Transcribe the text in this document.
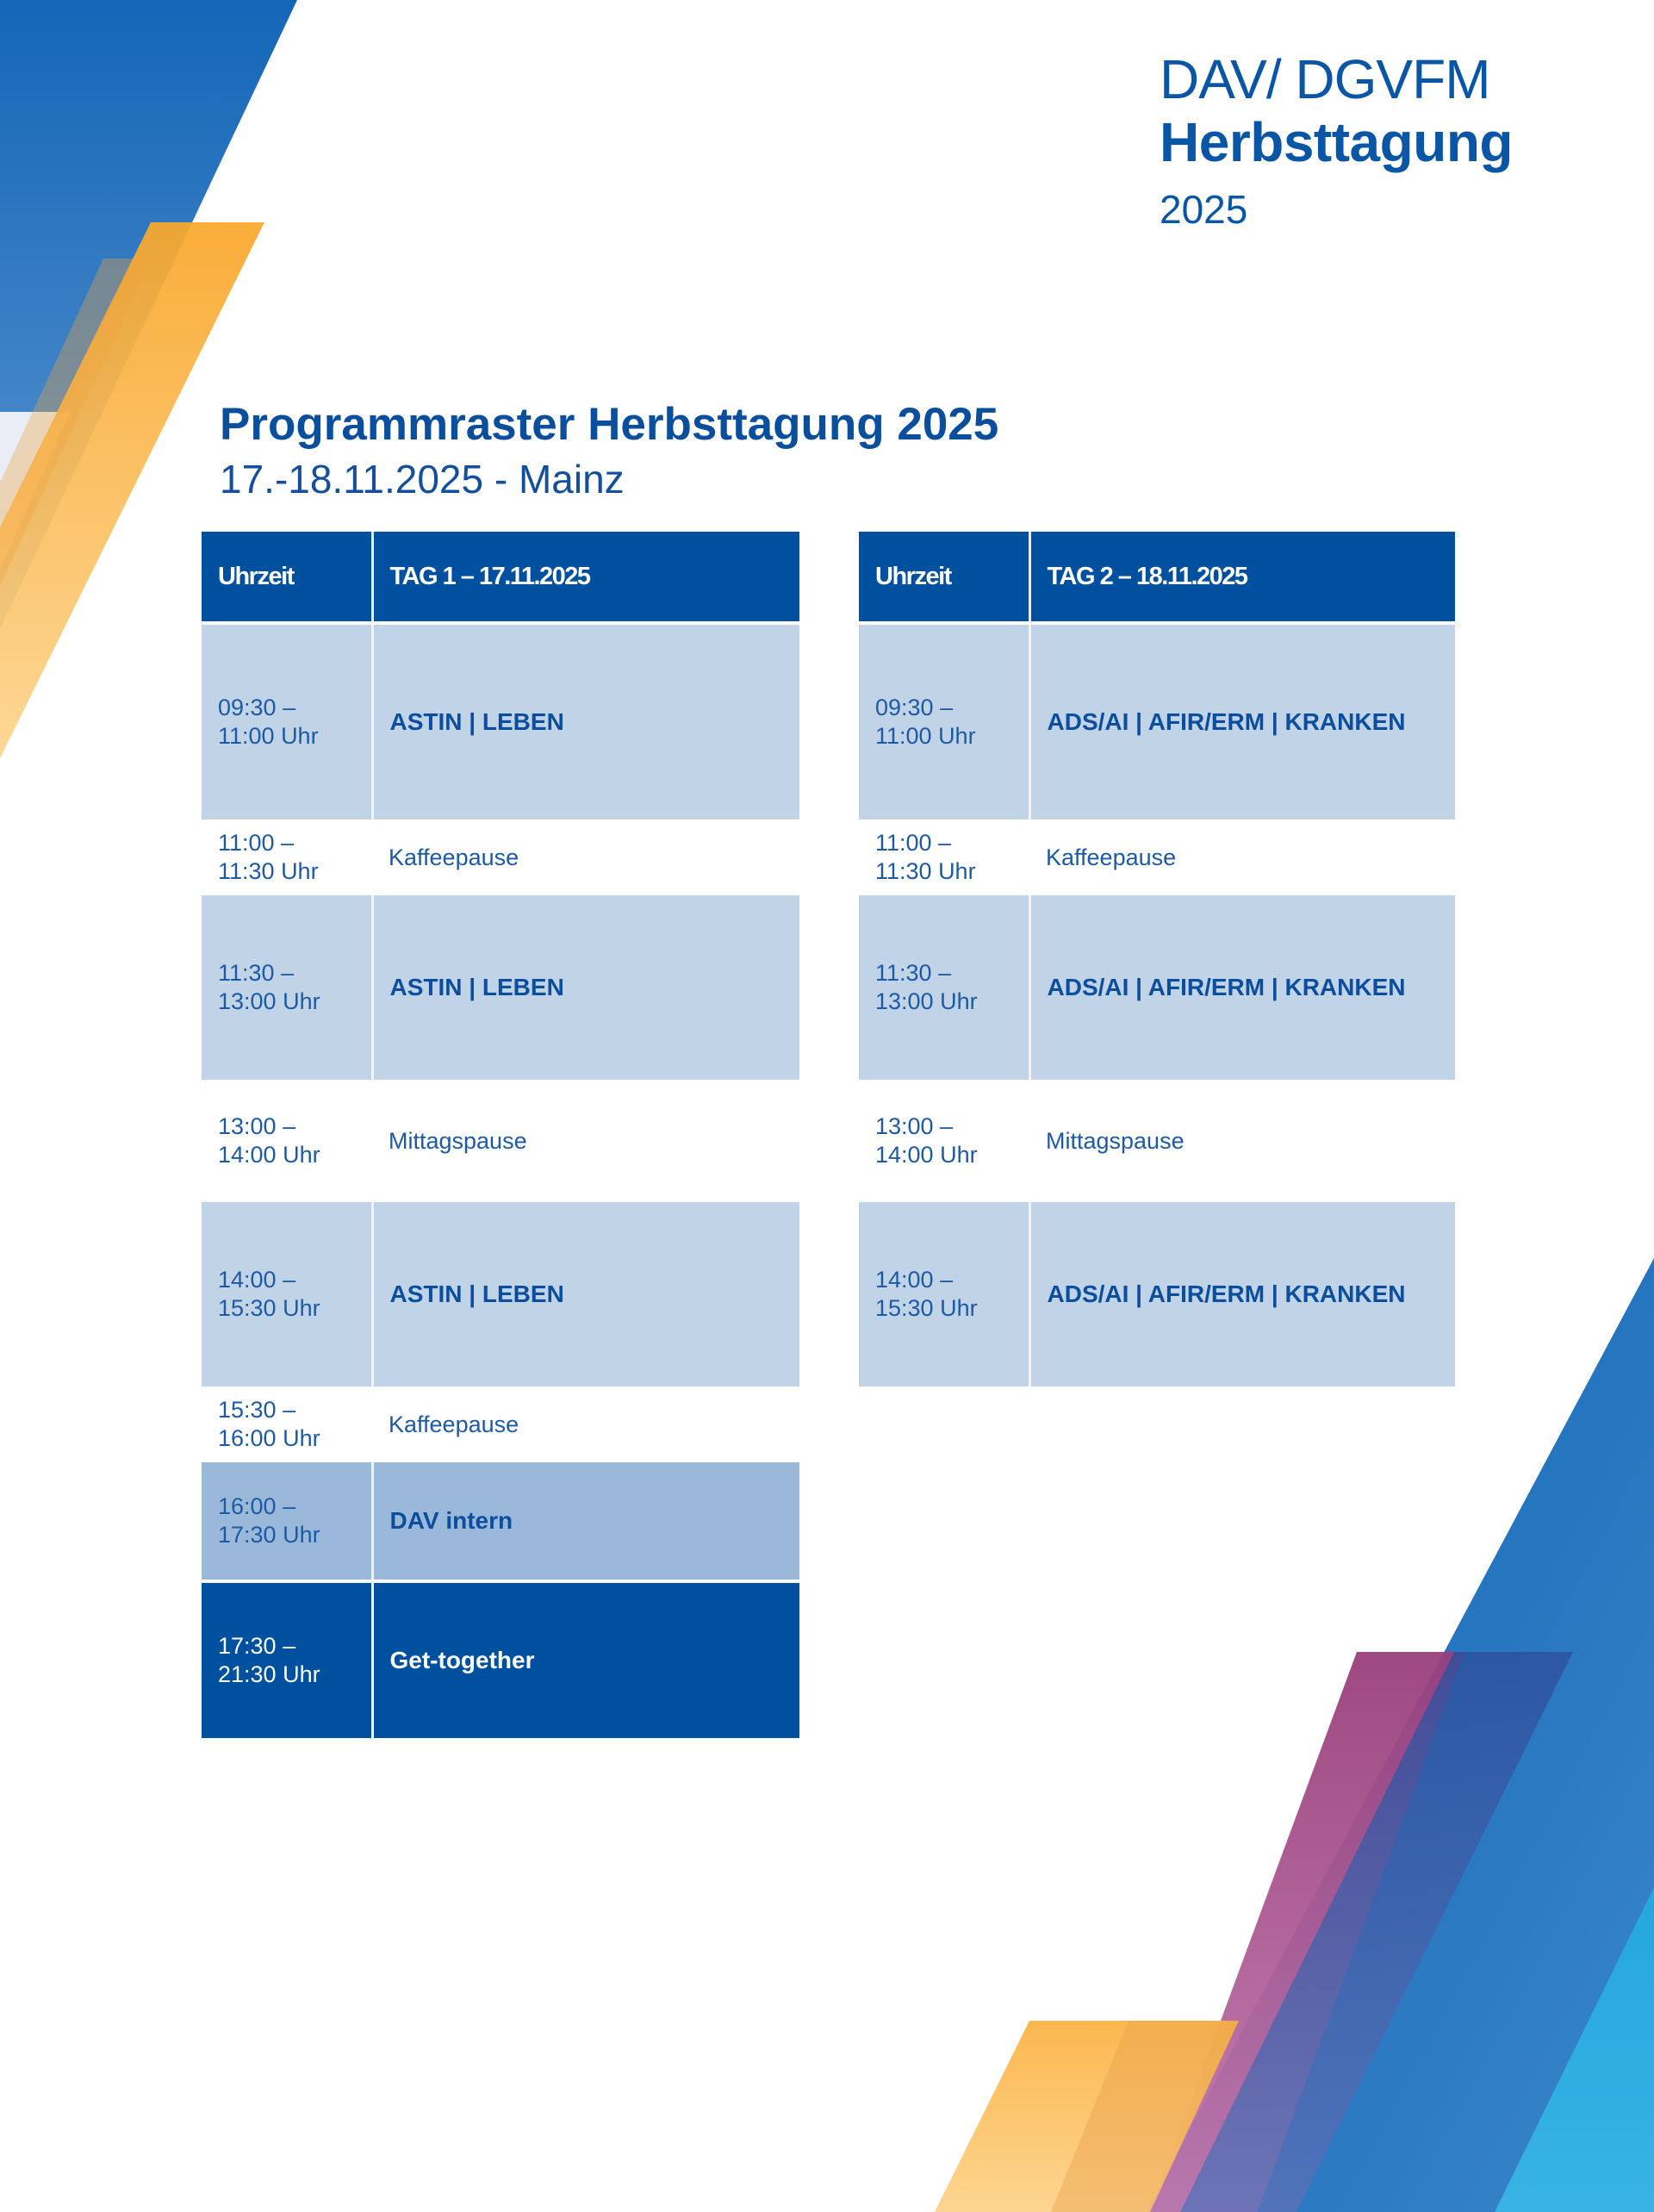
DAV/ DGVFM
Herbsttagung
2025
Programmraster Herbsttagung 2025
17.-18.11.2025 - Mainz
Uhrzeit	TAG 1 – 17.11.2025

09:30 –
11:00 Uhr	ASTIN | LEBEN

11:00 –
11:30 Uhr	Kaffeepause

11:30 –
13:00 Uhr	ASTIN | LEBEN

13:00 –
14:00 Uhr	Mittagspause

14:00 –
15:30 Uhr	ASTIN | LEBEN

15:30 –
16:00 Uhr	Kaffeepause

16:00 –
17:30 Uhr	DAV intern

17:30 –
21:30 Uhr	Get-together
Uhrzeit	TAG 2 – 18.11.2025

09:30 –
11:00 Uhr	ADS/AI | AFIR/ERM | KRANKEN

11:00 –
11:30 Uhr	Kaffeepause

11:30 –
13:00 Uhr	ADS/AI | AFIR/ERM | KRANKEN

13:00 –
14:00 Uhr	Mittagspause

14:00 –
15:30 Uhr	ADS/AI | AFIR/ERM | KRANKEN
